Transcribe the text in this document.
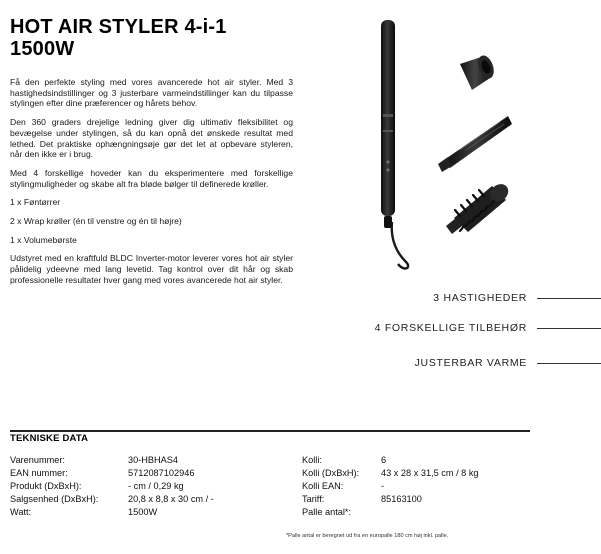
HOT AIR STYLER 4-i-1
1500W

Få den perfekte styling med vores avancerede hot air styler. Med 3 hastighedsindstillinger og 3 justerbare varmeindstillinger kan du tilpasse stylingen efter dine præferencer og hårets behov.

Den 360 graders drejelige ledning giver dig ultimativ fleksibilitet og bevægelse under stylingen, så du kan opnå det ønskede resultat med lethed. Det praktiske ophængningsøje gør det let at opbevare styleren, når den ikke er i brug.

Med 4 forskellige hoveder kan du eksperimentere med forskellige stylingmuligheder og skabe alt fra bløde bølger til definerede krøller.

1 x Føntørrer

2 x Wrap krøller (én til venstre og én til højre)

1 x Volumebørste

Udstyret med en kraftfuld BLDC Inverter-motor leverer vores hot air styler pålidelig ydeevne med lang levetid. Tag kontrol over dit hår og skab professionelle resultater hver gang med vores avancerede hot air styler.

3 HASTIGHEDER
4 FORSKELLIGE TILBEHØR
JUSTERBAR VARME
TEKNISKE DATA
Varenummer:	30-HBHAS4
EAN nummer:	5712087102946
Produkt (DxBxH):	- cm / 0,29 kg
Salgsenhed (DxBxH):	20,8 x 8,8 x 30 cm / -
Watt:	1500W
Kolli:	6
Kolli (DxBxH): 43 x 28 x 31,5 cm / 8 kg
Kolli EAN:	-
Tariff:	85163100
Palle antal*:
*Palle antal er beregnet ud fra en europalle 180 cm høj inkl. palle.
